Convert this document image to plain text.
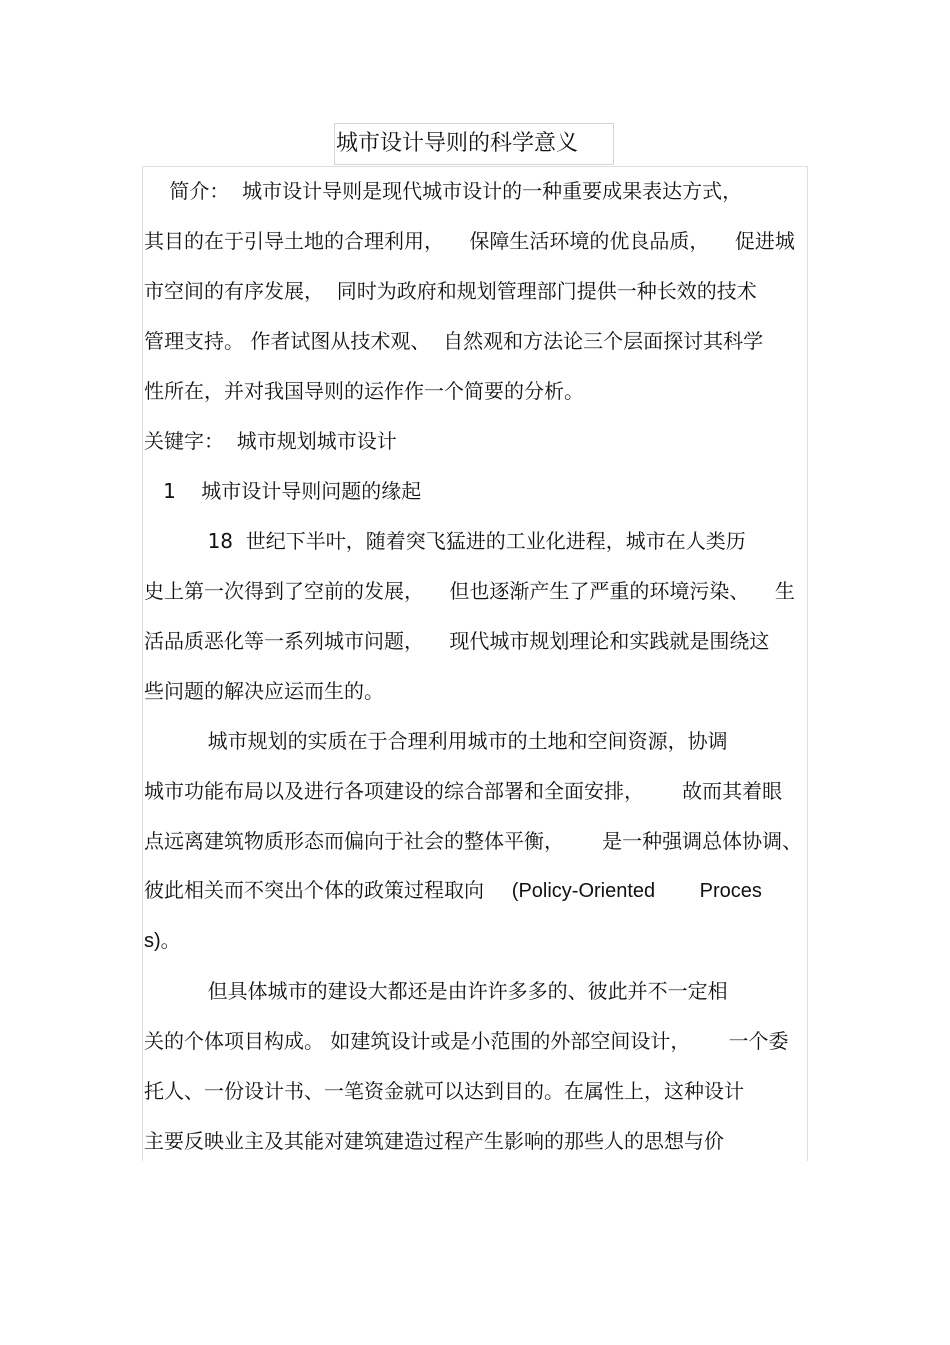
城市设计导则的科学意义
简介：  城市设计导则是现代城市设计的一种重要成果表达方式，
其目的在于引导土地的合理利用，    保障生活环境的优良品质，    促进城
市空间的有序发展，  同时为政府和规划管理部门提供一种长效的技术
管理支持。 作者试图从技术观、  自然观和方法论三个层面探讨其科学
性所在，并对我国导则的运作作一个简要的分析。
关键字：  城市规划城市设计
1    城市设计导则问题的缘起
18  世纪下半叶，随着突飞猛进的工业化进程，城市在人类历
史上第一次得到了空前的发展，    但也逐渐产生了严重的环境污染、    生
活品质恶化等一系列城市问题，    现代城市规划理论和实践就是围绕这
些问题的解决应运而生的。
城市规划的实质在于合理利用城市的土地和空间资源，协调
城市功能布局以及进行各项建设的综合部署和全面安排，      故而其着眼
点远离建筑物质形态而偏向于社会的整体平衡，      是一种强调总体协调、
彼此相关而不突出个体的政策过程取向     (Policy-Oriented        Proces
s)。
但具体城市的建设大都还是由许许多多的、彼此并不一定相
关的个体项目构成。 如建筑设计或是小范围的外部空间设计，      一个委
托人、一份设计书、一笔资金就可以达到目的。在属性上，这种设计
主要反映业主及其能对建筑建造过程产生影响的那些人的思想与价
